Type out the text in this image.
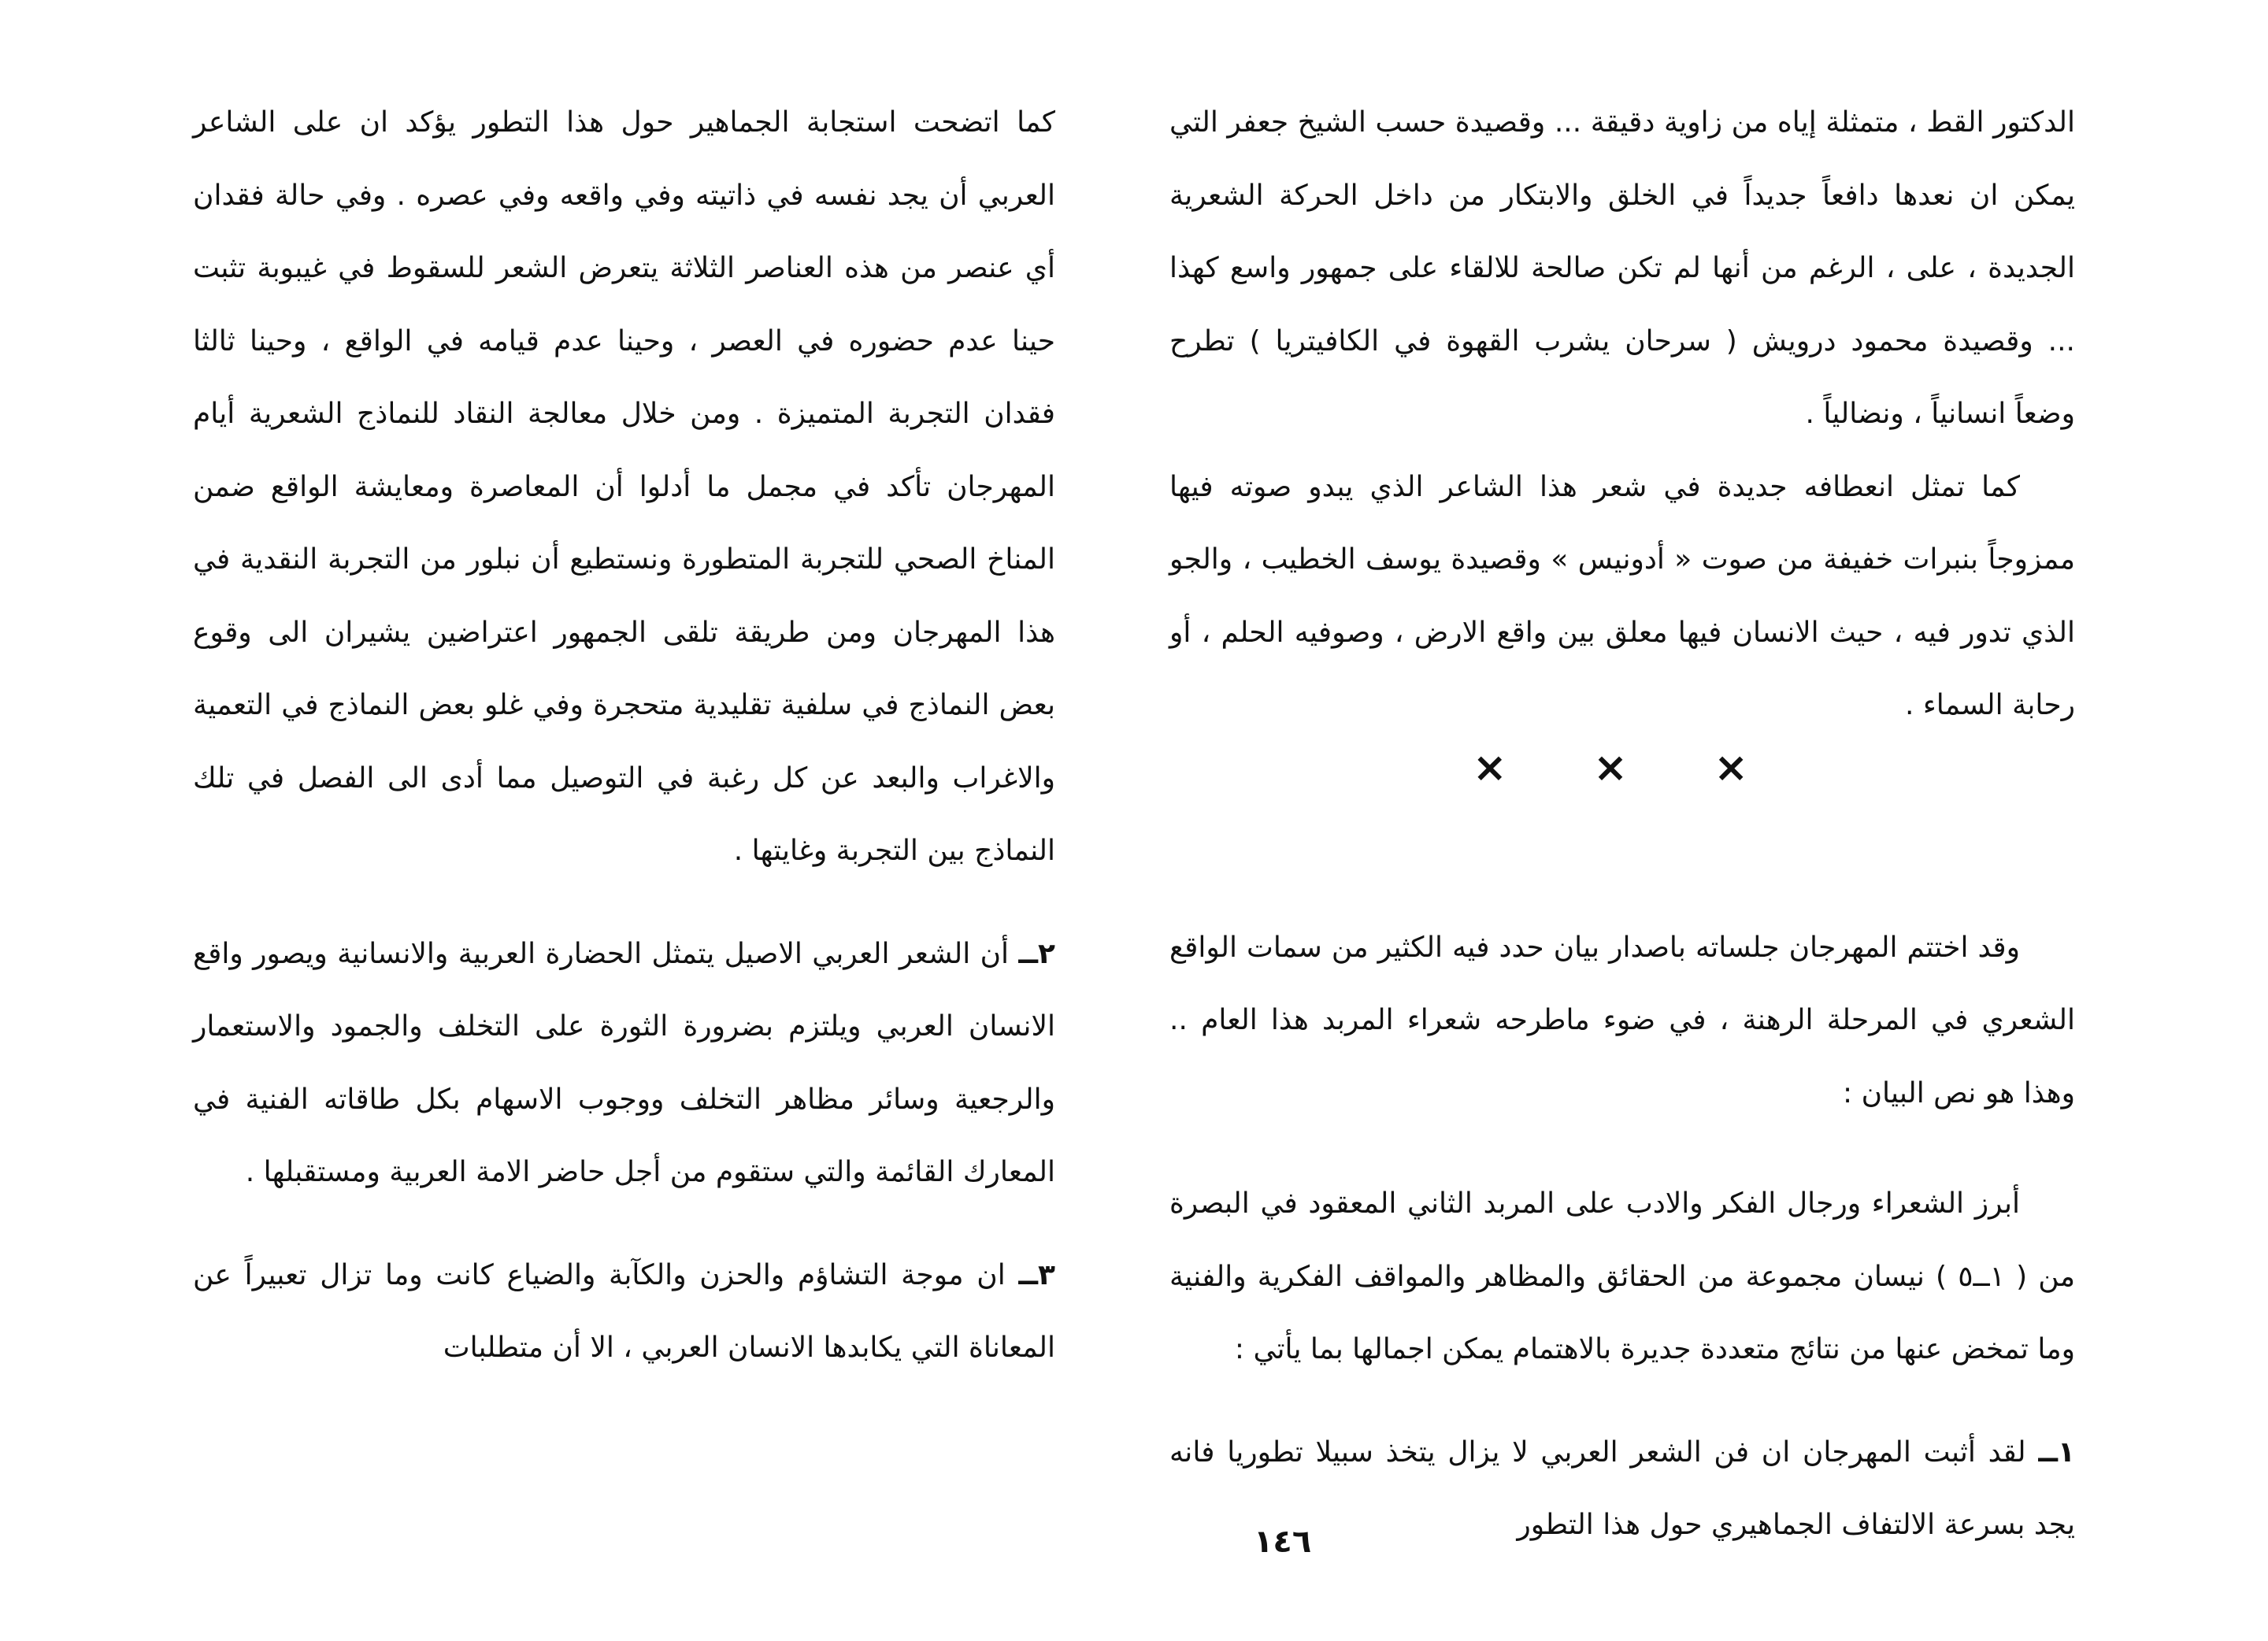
الدكتور القط ، متمثلة إياه من زاوية دقيقة ... وقصيدة حسب الشيخ جعفر التي يمكن ان نعدها دافعاً جديداً في الخلق والابتكار من داخل الحركة الشعرية الجديدة ، على ، الرغم من أنها لم تكن صالحة للالقاء على جمهور واسع كهذا ... وقصيدة محمود درويش ( سرحان يشرب القهوة في الكافيتريا ) تطرح وضعاً انسانياً ، ونضالياً .

كما تمثل انعطافه جديدة في شعر هذا الشاعر الذي يبدو صوته فيها ممزوجاً بنبرات خفيفة من صوت « أدونيس » وقصيدة يوسف الخطيب ، والجو الذي تدور فيه ، حيث الانسان فيها معلق بين واقع الارض ، وصوفيه الحلم ، أو رحابة السماء .

وقد اختتم المهرجان جلساته باصدار بيان حدد فيه الكثير من سمات الواقع الشعري في المرحلة الرهنة ، في ضوء ماطرحه شعراء المربد هذا العام .. وهذا هو نص البيان :

أبرز الشعراء ورجال الفكر والادب على المربد الثاني المعقود في البصرة من ( ١ــ٥ ) نيسان مجموعة من الحقائق والمظاهر والمواقف الفكرية والفنية وما تمخض عنها من نتائج متعددة جديرة بالاهتمام يمكن اجمالها بما يأتي :

١ــ لقد أثبت المهرجان ان فن الشعر العربي لا يزال يتخذ سبيلا تطوريا فانه يجد بسرعة الالتفاف الجماهيري حول هذا التطور

×
×
×

كما اتضحت استجابة الجماهير حول هذا التطور يؤكد ان على الشاعر العربي أن يجد نفسه في ذاتيته وفي واقعه وفي عصره . وفي حالة فقدان أي عنصر من هذه العناصر الثلاثة يتعرض الشعر للسقوط في غيبوبة تثبت حينا عدم حضوره في العصر ، وحينا عدم قيامه في الواقع ، وحينا ثالثا فقدان التجربة المتميزة . ومن خلال معالجة النقاد للنماذج الشعرية أيام المهرجان تأكد في مجمل ما أدلوا أن المعاصرة ومعايشة الواقع ضمن المناخ الصحي للتجربة المتطورة ونستطيع أن نبلور من التجربة النقدية في هذا المهرجان ومن طريقة تلقى الجمهور اعتراضين يشيران الى وقوع بعض النماذج في سلفية تقليدية متحجرة وفي غلو بعض النماذج في التعمية والاغراب والبعد عن كل رغبة في التوصيل مما أدى الى الفصل في تلك النماذج بين التجربة وغايتها .

٢ــ أن الشعر العربي الاصيل يتمثل الحضارة العربية والانسانية ويصور واقع الانسان العربي ويلتزم بضرورة الثورة على التخلف والجمود والاستعمار والرجعية وسائر مظاهر التخلف ووجوب الاسهام بكل طاقاته الفنية في المعارك القائمة والتي ستقوم من أجل حاضر الامة العربية ومستقبلها .

٣ــ ان موجة التشاؤم والحزن والكآبة والضياع كانت وما تزال تعبيراً عن المعاناة التي يكابدها الانسان العربي ، الا أن متطلبات

١٤٦
